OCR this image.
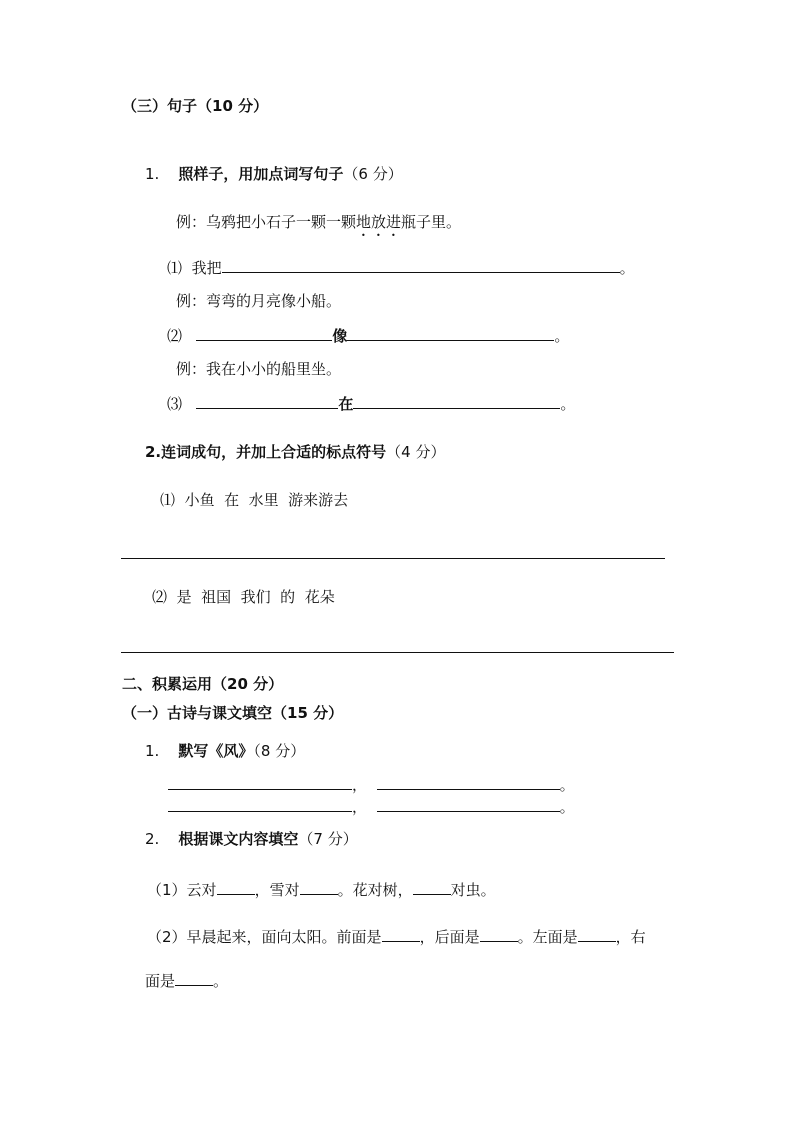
（三）句子（10 分）
1. 照样子，用加点词写句子（6 分）
例：乌鸦把小石子一颗一颗地放进瓶子里。
⑴ 我把	。
例：弯弯的月亮像小船。
⑵	像	。
例：我在小小的船里坐。
⑶	在	。
2.连词成句，并加上合适的标点符号（4 分）
⑴ 小鱼  在  水里  游来游去
⑵ 是  祖国  我们  的  花朵
二、积累运用（20 分）
（一）古诗与课文填空（15 分）
1. 默写《风》（8 分）
，	。
，	。
2. 根据课文内容填空（7 分）
（1）云对	，雪对	。花对树，	对虫。
（2）早晨起来，面向太阳。前面是	，后面是	。左面是	，右
面是	。
